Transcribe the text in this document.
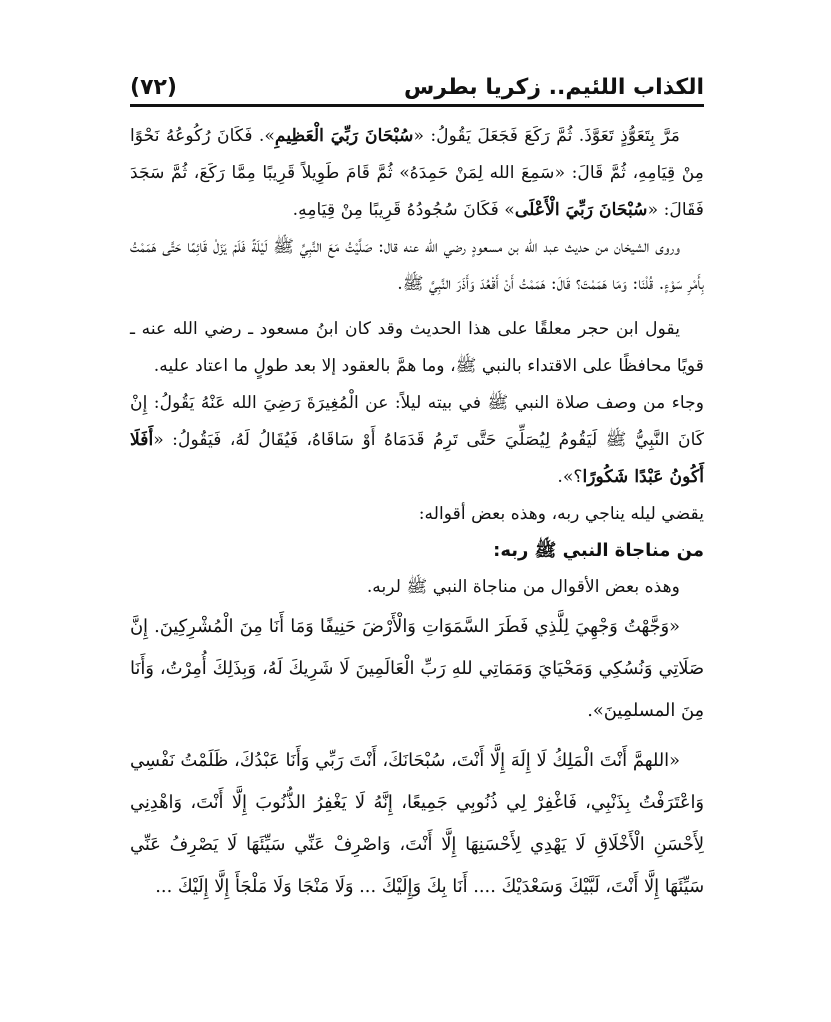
الكذاب اللئيم.. زكريا بطرس
(٧٢)

مَرَّ بِتَعَوُّذٍ تَعَوَّذَ. ثُمَّ رَكَعَ فَجَعَلَ يَقُولُ: «سُبْحَانَ رَبِّيَ الْعَظِيمِ». فَكَانَ رُكُوعُهُ نَحْوًا مِنْ قِيَامِهِ، ثُمَّ قَالَ: «سَمِعَ الله لِمَنْ حَمِدَهُ» ثُمَّ قَامَ طَوِيلاً قَرِيبًا مِمَّا رَكَعَ، ثُمَّ سَجَدَ فَقَالَ: «سُبْحَانَ رَبِّيَ الْأَعْلَى» فَكَانَ سُجُودُهُ قَرِيبًا مِنْ قِيَامِهِ.

وروى الشيخان من حديث عبد الله بن مسعودٍ رضي الله عنه قال: صَلَّيْتُ مَعَ النَّبِيِّ ﷺ لَيْلَةً فَلَمْ يَزَلْ قَائِمًا حَتَّى هَمَمْتُ بِأَمْرِ سَوْءٍ. قُلْنَا: وَمَا هَمَمْتَ؟ قَالَ: هَمَمْتُ أَنْ أَقْعُدَ وَأَذَرَ النَّبِيَّ ﷺ.

يقول ابن حجر معلقًا على هذا الحديث وقد كان ابنُ مسعود ـ رضي الله عنه ـ قويًا محافظًا على الاقتداء بالنبي ﷺ، وما همَّ بالعقود إلا بعد طولٍ ما اعتاد عليه.

وجاء من وصف صلاة النبي ﷺ في بيته ليلاً: عن الْمُغِيرَةَ رَضِيَ الله عَنْهُ يَقُولُ: إِنْ كَانَ النَّبِيُّ ﷺ لَيَقُومُ لِيُصَلِّيَ حَتَّى تَرِمُ قَدَمَاهُ أَوْ سَاقَاهُ، فَيُقَالُ لَهُ، فَيَقُولُ: «أَفَلَا أَكُونُ عَبْدًا شَكُورًا؟».

يقضي ليله يناجي ربه، وهذه بعض أقواله:

من مناجاة النبي ﷺ ربه:

وهذه بعض الأقوال من مناجاة النبي ﷺ لربه.

«وَجَّهْتُ وَجْهِيَ لِلَّذِي فَطَرَ السَّمَوَاتِ وَالْأَرْضَ حَنِيفًا وَمَا أَنَا مِنَ الْمُشْرِكِينَ. إِنَّ صَلَاتِي وَنُسُكِي وَمَحْيَايَ وَمَمَاتِي للهِ رَبِّ الْعَالَمِينَ لَا شَرِيكَ لَهُ، وَبِذَلِكَ أُمِرْتُ، وَأَنَا مِنَ المسلمِينَ».

«اللهمَّ أَنْتَ الْمَلِكُ لَا إِلَهَ إِلَّا أَنْتَ، سُبْحَانَكَ، أَنْتَ رَبِّي وَأَنَا عَبْدُكَ، ظَلَمْتُ نَفْسِي وَاعْتَرَفْتُ بِذَنْبِي، فَاغْفِرْ لِي ذُنُوبِي جَمِيعًا، إِنَّهُ لَا يَغْفِرُ الذُّنُوبَ إِلَّا أَنْتَ، وَاهْدِنِي لِأَحْسَنِ الْأَخْلَاقِ لَا يَهْدِي لِأَحْسَنِهَا إِلَّا أَنْتَ، وَاصْرِفْ عَنِّي سَيِّئَهَا لَا يَصْرِفُ عَنِّي سَيِّئَهَا إِلَّا أَنْتَ، لَبَّيْكَ وَسَعْدَيْكَ .... أَنَا بِكَ وَإِلَيْكَ ... وَلَا مَنْجَا وَلَا مَلْجَأَ إِلَّا إِلَيْكَ ...
